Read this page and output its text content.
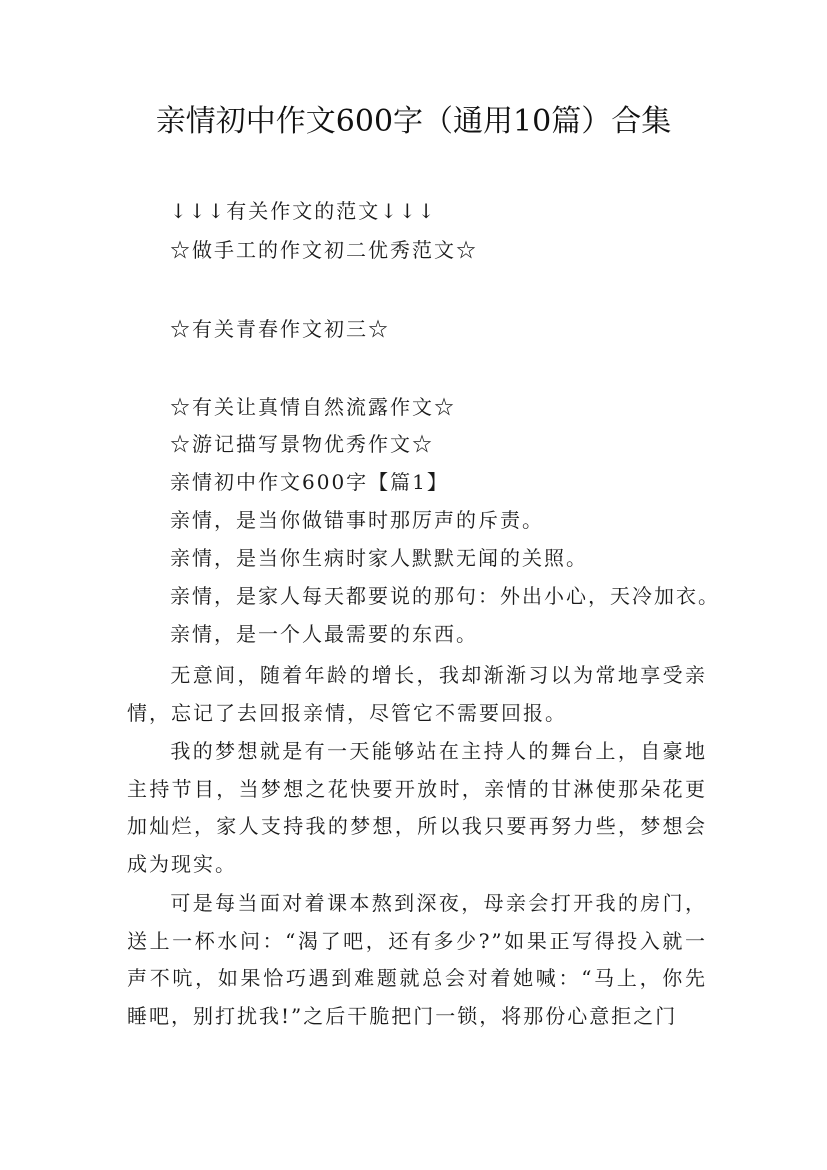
亲情初中作文600字（通用10篇）合集
↓↓↓有关作文的范文↓↓↓
☆做手工的作文初二优秀范文☆
☆有关青春作文初三☆
☆有关让真情自然流露作文☆
☆游记描写景物优秀作文☆
亲情初中作文600字【篇1】
亲情，是当你做错事时那厉声的斥责。
亲情，是当你生病时家人默默无闻的关照。
亲情，是家人每天都要说的那句：外出小心，天冷加衣。
亲情，是一个人最需要的东西。
无意间，随着年龄的增长，我却渐渐习以为常地享受亲情，忘记了去回报亲情，尽管它不需要回报。
我的梦想就是有一天能够站在主持人的舞台上，自豪地主持节目，当梦想之花快要开放时，亲情的甘淋使那朵花更加灿烂，家人支持我的梦想，所以我只要再努力些，梦想会成为现实。
可是每当面对着课本熬到深夜，母亲会打开我的房门，送上一杯水问：“渴了吧，还有多少?”如果正写得投入就一声不吭，如果恰巧遇到难题就总会对着她喊：“马上，你先睡吧，别打扰我!”之后干脆把门一锁，将那份心意拒之门
